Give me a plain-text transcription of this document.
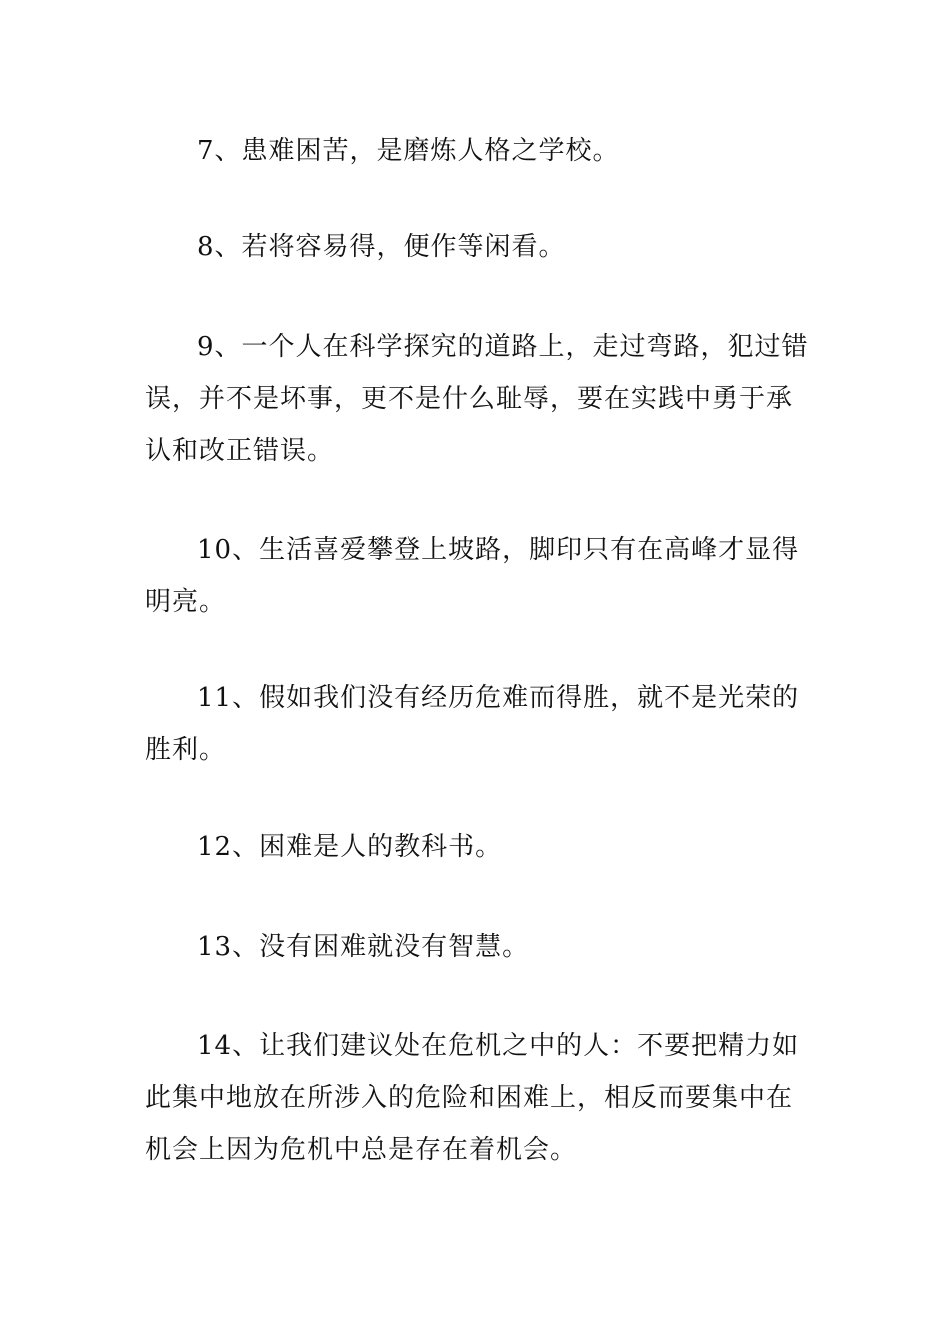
7、患难困苦，是磨炼人格之学校。

8、若将容易得，便作等闲看。

9、一个人在科学探究的道路上，走过弯路，犯过错误，并不是坏事，更不是什么耻辱，要在实践中勇于承认和改正错误。

10、生活喜爱攀登上坡路，脚印只有在高峰才显得明亮。

11、假如我们没有经历危难而得胜，就不是光荣的胜利。

12、困难是人的教科书。

13、没有困难就没有智慧。

14、让我们建议处在危机之中的人：不要把精力如此集中地放在所涉入的危险和困难上，相反而要集中在机会上因为危机中总是存在着机会。
